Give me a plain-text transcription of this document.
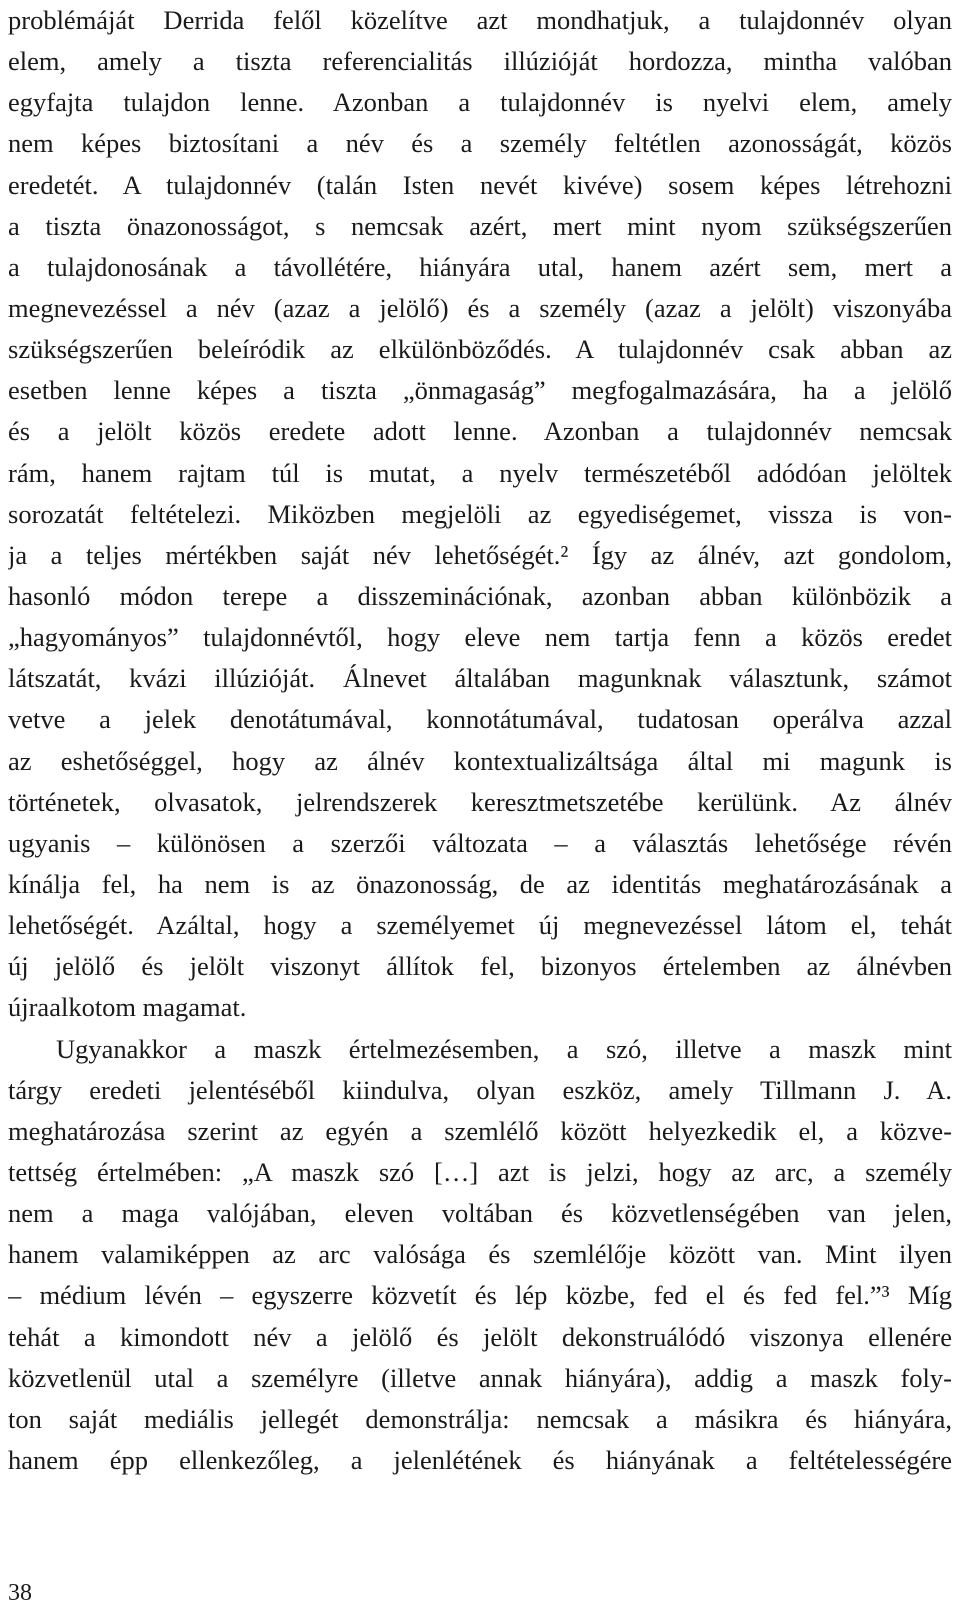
problémáját Derrida felől közelítve azt mondhatjuk, a tulajdonnév olyan
elem, amely a tiszta referencialitás illúzióját hordozza, mintha valóban
egyfajta tulajdon lenne. Azonban a tulajdonnév is nyelvi elem, amely
nem képes biztosítani a név és a személy feltétlen azonosságát, közös
eredetét. A tulajdonnév (talán Isten nevét kivéve) sosem képes létrehozni
a tiszta önazonosságot, s nemcsak azért, mert mint nyom szükségszerűen
a tulajdonosának a távollétére, hiányára utal, hanem azért sem, mert a
megnevezéssel a név (azaz a jelölő) és a személy (azaz a jelölt) viszonyába
szükségszerűen beleíródik az elkülönböződés. A tulajdonnév csak abban az
esetben lenne képes a tiszta „önmagaság” megfogalmazására, ha a jelölő
és a jelölt közös eredete adott lenne. Azonban a tulajdonnév nemcsak
rám, hanem rajtam túl is mutat, a nyelv természetéből adódóan jelöltek
sorozatát feltételezi. Miközben megjelöli az egyediségemet, vissza is von-
ja a teljes mértékben saját név lehetőségét.² Így az álnév, azt gondolom,
hasonló módon terepe a disszeminációnak, azonban abban különbözik a
„hagyományos” tulajdonnévtől, hogy eleve nem tartja fenn a közös eredet
látszatát, kvázi illúzióját. Álnevet általában magunknak választunk, számot
vetve a jelek denotátumával, konnotátumával, tudatosan operálva azzal
az eshetőséggel, hogy az álnév kontextualizáltsága által mi magunk is
történetek, olvasatok, jelrendszerek keresztmetszetébe kerülünk. Az álnév
ugyanis – különösen a szerzői változata – a választás lehetősége révén
kínálja fel, ha nem is az önazonosság, de az identitás meghatározásának a
lehetőségét. Azáltal, hogy a személyemet új megnevezéssel látom el, tehát
új jelölő és jelölt viszonyt állítok fel, bizonyos értelemben az álnévben
újraalkotom magamat.
Ugyanakkor a maszk értelmezésemben, a szó, illetve a maszk mint
tárgy eredeti jelentéséből kiindulva, olyan eszköz, amely Tillmann J. A.
meghatározása szerint az egyén a szemlélő között helyezkedik el, a közve-
tettség értelmében: „A maszk szó […] azt is jelzi, hogy az arc, a személy
nem a maga valójában, eleven voltában és közvetlenségében van jelen,
hanem valamiképpen az arc valósága és szemlélője között van. Mint ilyen
– médium lévén – egyszerre közvetít és lép közbe, fed el és fed fel.”³ Míg
tehát a kimondott név a jelölő és jelölt dekonstruálódó viszonya ellenére
közvetlenül utal a személyre (illetve annak hiányára), addig a maszk foly-
ton saját mediális jellegét demonstrálja: nemcsak a másikra és hiányára,
hanem épp ellenkezőleg, a jelenlétének és hiányának a feltételességére
38
